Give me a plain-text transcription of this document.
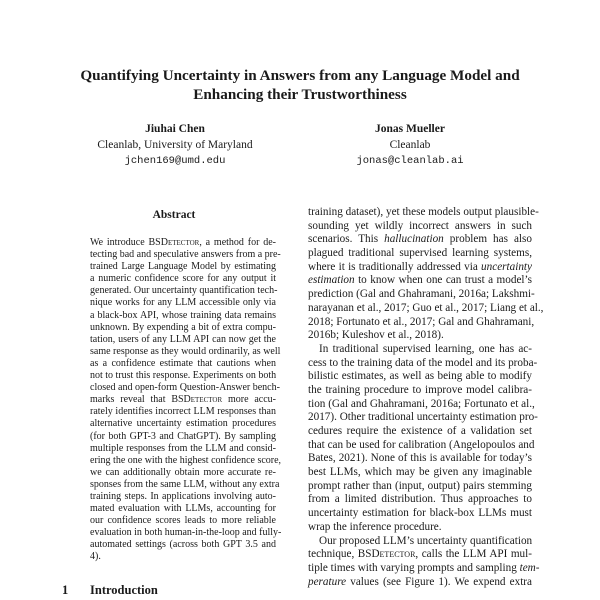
Quantifying Uncertainty in Answers from any Language Model and
Enhancing their Trustworthiness
Jiuhai Chen
Cleanlab, University of Maryland
jchen169@umd.edu
Jonas Mueller
Cleanlab
jonas@cleanlab.ai
Abstract
We introduce BSDetector, a method for de-
tecting bad and speculative answers from a pre-
trained Large Language Model by estimating
a numeric confidence score for any output it
generated. Our uncertainty quantification tech-
nique works for any LLM accessible only via
a black-box API, whose training data remains
unknown. By expending a bit of extra compu-
tation, users of any LLM API can now get the
same response as they would ordinarily, as well
as a confidence estimate that cautions when
not to trust this response. Experiments on both
closed and open-form Question-Answer bench-
marks reveal that BSDetector more accu-
rately identifies incorrect LLM responses than
alternative uncertainty estimation procedures
(for both GPT-3 and ChatGPT). By sampling
multiple responses from the LLM and consid-
ering the one with the highest confidence score,
we can additionally obtain more accurate re-
sponses from the same LLM, without any extra
training steps. In applications involving auto-
mated evaluation with LLMs, accounting for
our confidence scores leads to more reliable
evaluation in both human-in-the-loop and fully-
automated settings (across both GPT 3.5 and
4).
1 Introduction
training dataset), yet these models output plausible-
sounding yet wildly incorrect answers in such
scenarios. This hallucination problem has also
plagued traditional supervised learning systems,
where it is traditionally addressed via uncertainty
estimation to know when one can trust a model’s
prediction (Gal and Ghahramani, 2016a; Lakshmi-
narayanan et al., 2017; Guo et al., 2017; Liang et al.,
2018; Fortunato et al., 2017; Gal and Ghahramani,
2016b; Kuleshov et al., 2018).
In traditional supervised learning, one has ac-
cess to the training data of the model and its proba-
bilistic estimates, as well as being able to modify
the training procedure to improve model calibra-
tion (Gal and Ghahramani, 2016a; Fortunato et al.,
2017). Other traditional uncertainty estimation pro-
cedures require the existence of a validation set
that can be used for calibration (Angelopoulos and
Bates, 2021). None of this is available for today’s
best LLMs, which may be given any imaginable
prompt rather than (input, output) pairs stemming
from a limited distribution. Thus approaches to
uncertainty estimation for black-box LLMs must
wrap the inference procedure.
Our proposed LLM’s uncertainty quantification
technique, BSDetector, calls the LLM API mul-
tiple times with varying prompts and sampling tem-
perature values (see Figure 1). We expend extra
